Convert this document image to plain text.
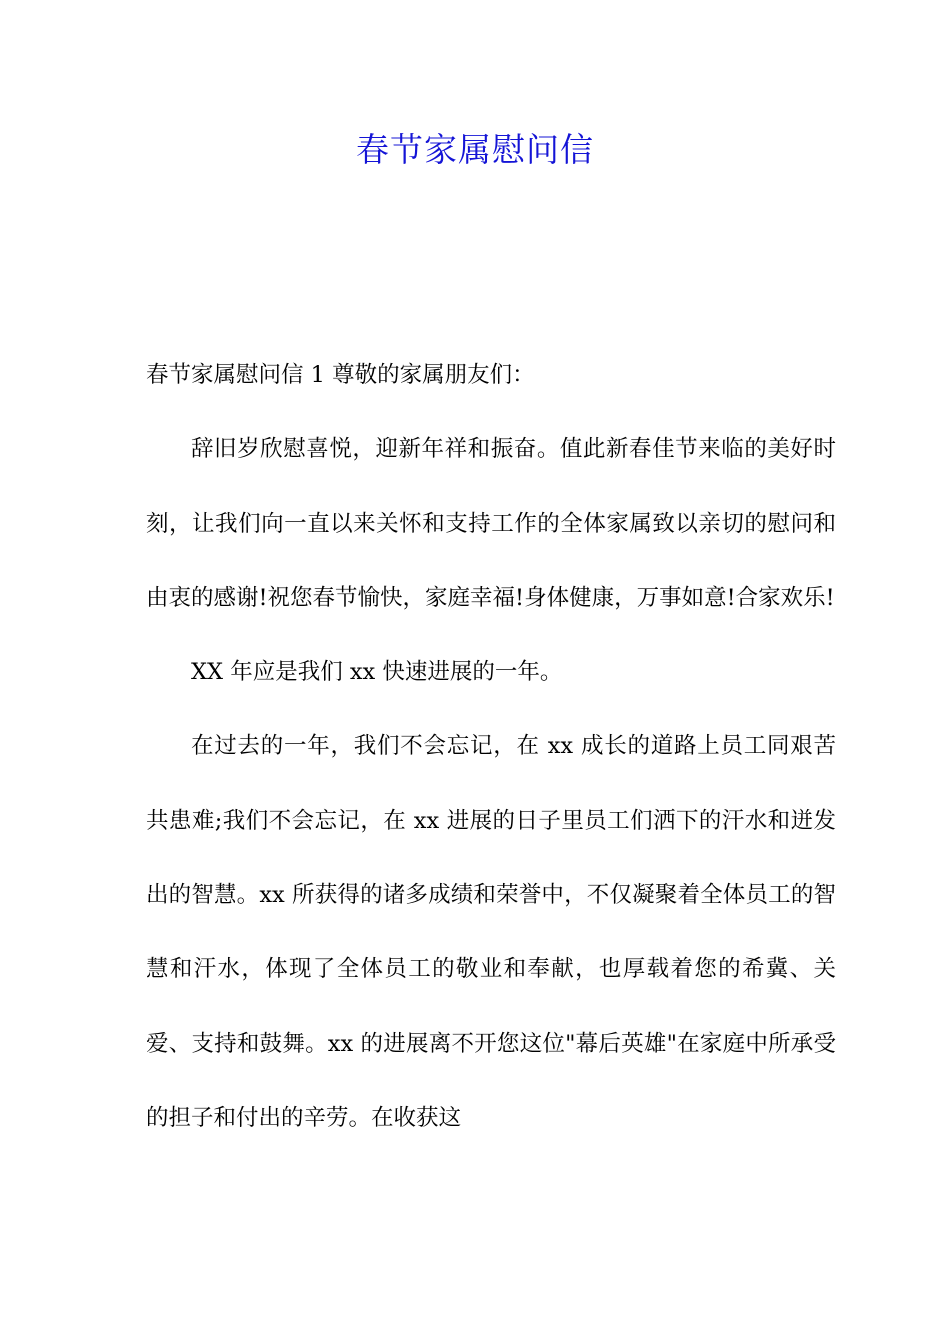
春节家属慰问信

春节家属慰问信 1 尊敬的家属朋友们：

辞旧岁欣慰喜悦，迎新年祥和振奋。值此新春佳节来临的美好时刻，让我们向一直以来关怀和支持工作的全体家属致以亲切的慰问和由衷的感谢!祝您春节愉快，家庭幸福!身体健康，万事如意!合家欢乐!

XX 年应是我们 xx 快速进展的一年。

在过去的一年，我们不会忘记，在 xx 成长的道路上员工同艰苦共患难;我们不会忘记，在 xx 进展的日子里员工们洒下的汗水和迸发出的智慧。xx 所获得的诸多成绩和荣誉中，不仅凝聚着全体员工的智慧和汗水，体现了全体员工的敬业和奉献，也厚载着您的希冀、关爱、支持和鼓舞。xx 的进展离不开您这位"幕后英雄"在家庭中所承受的担子和付出的辛劳。在收获这
